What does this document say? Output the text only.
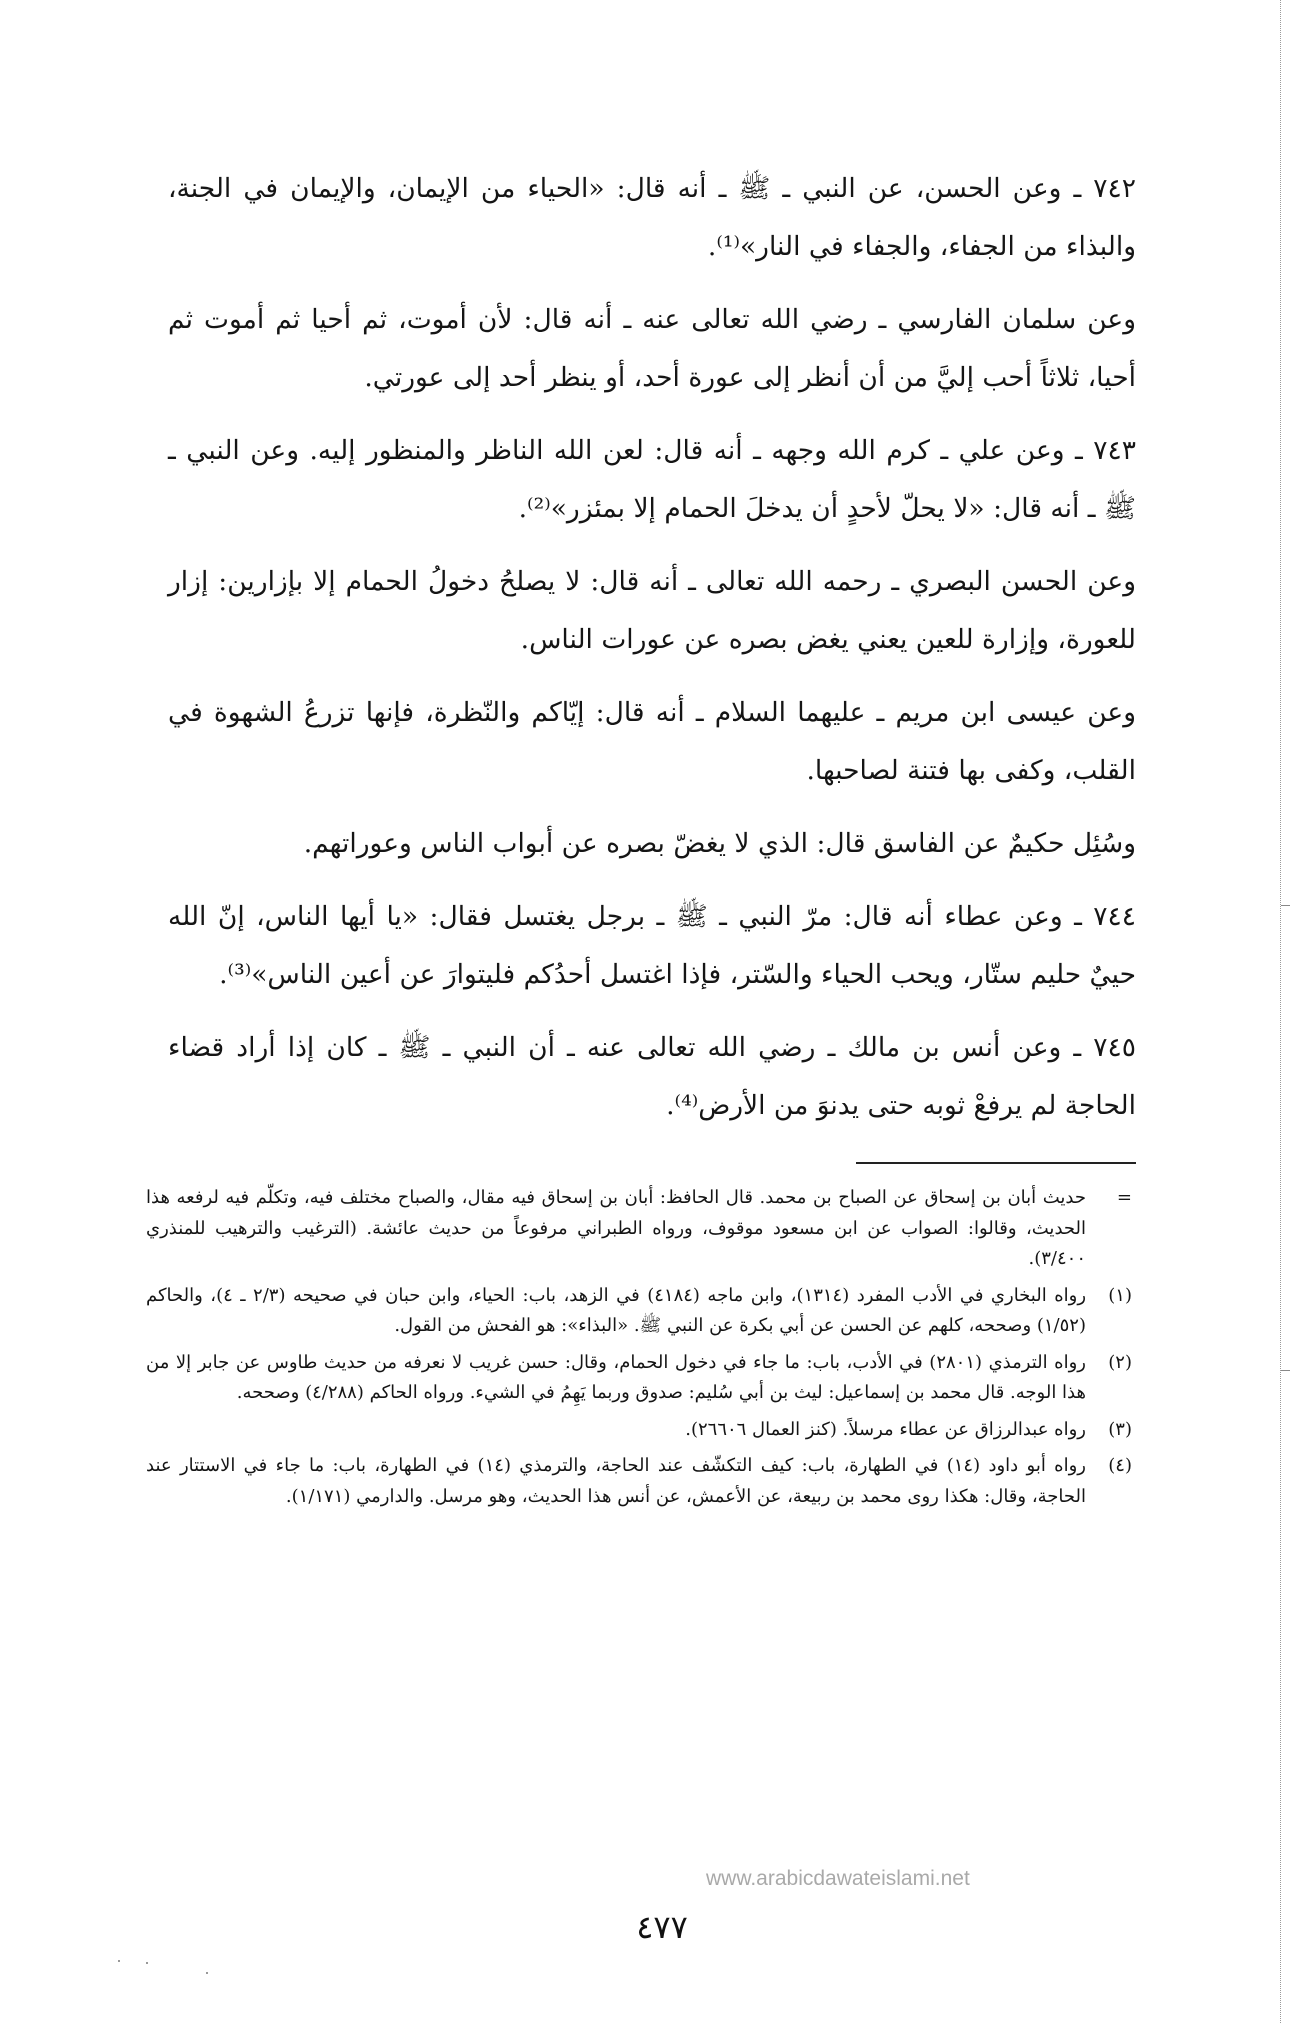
٧٤٢ ـ وعن الحسن، عن النبي ـ ﷺ ـ أنه قال: «الحياء من الإيمان، والإيمان في الجنة، والبذاء من الجفاء، والجفاء في النار»⁽¹⁾.

وعن سلمان الفارسي ـ رضي الله تعالى عنه ـ أنه قال: لأن أموت، ثم أحيا ثم أموت ثم أحيا، ثلاثاً أحب إليَّ من أن أنظر إلى عورة أحد، أو ينظر أحد إلى عورتي.

٧٤٣ ـ وعن علي ـ كرم الله وجهه ـ أنه قال: لعن الله الناظر والمنظور إليه. وعن النبي ـ ﷺ ـ أنه قال: «لا يحلّ لأحدٍ أن يدخلَ الحمام إلا بمئزر»⁽²⁾.

وعن الحسن البصري ـ رحمه الله تعالى ـ أنه قال: لا يصلحُ دخولُ الحمام إلا بإزارين: إزار للعورة، وإزارة للعين يعني يغض بصره عن عورات الناس.

وعن عيسى ابن مريم ـ عليهما السلام ـ أنه قال: إيّاكم والنّظرة، فإنها تزرعُ الشهوة في القلب، وكفى بها فتنة لصاحبها.

وسُئِل حكيمٌ عن الفاسق قال: الذي لا يغضّ بصره عن أبواب الناس وعوراتهم.

٧٤٤ ـ وعن عطاء أنه قال: مرّ النبي ـ ﷺ ـ برجل يغتسل فقال: «يا أيها الناس، إنّ الله حييٌ حليم ستّار، ويحب الحياء والسّتر، فإذا اغتسل أحدُكم فليتوارَ عن أعين الناس»⁽³⁾.

٧٤٥ ـ وعن أنس بن مالك ـ رضي الله تعالى عنه ـ أن النبي ـ ﷺ ـ كان إذا أراد قضاء الحاجة لم يرفعْ ثوبه حتى يدنوَ من الأرض⁽⁴⁾.

=
حديث أبان بن إسحاق عن الصباح بن محمد. قال الحافظ: أبان بن إسحاق فيه مقال، والصباح مختلف فيه، وتكلّم فيه لرفعه هذا الحديث، وقالوا: الصواب عن ابن مسعود موقوف، ورواه الطبراني مرفوعاً من حديث عائشة. (الترغيب والترهيب للمنذري ٣/٤٠٠).
(١)
رواه البخاري في الأدب المفرد (١٣١٤)، وابن ماجه (٤١٨٤) في الزهد، باب: الحياء، وابن حبان في صحيحه (٢/٣ ـ ٤)، والحاكم (١/٥٢) وصححه، كلهم عن الحسن عن أبي بكرة عن النبي ﷺ. «البذاء»: هو الفحش من القول.
(٢)
رواه الترمذي (٢٨٠١) في الأدب، باب: ما جاء في دخول الحمام، وقال: حسن غريب لا نعرفه من حديث طاوس عن جابر إلا من هذا الوجه. قال محمد بن إسماعيل: ليث بن أبي سُليم: صدوق وربما يَهِمُ في الشيء. ورواه الحاكم (٤/٢٨٨) وصححه.
(٣)
رواه عبدالرزاق عن عطاء مرسلاً. (كنز العمال ٢٦٦٠٦).
(٤)
رواه أبو داود (١٤) في الطهارة، باب: كيف التكشّف عند الحاجة، والترمذي (١٤) في الطهارة، باب: ما جاء في الاستتار عند الحاجة، وقال: هكذا روى محمد بن ربيعة، عن الأعمش، عن أنس هذا الحديث، وهو مرسل. والدارمي (١/١٧١).
www.arabicdawateislami.net
٤٧٧
